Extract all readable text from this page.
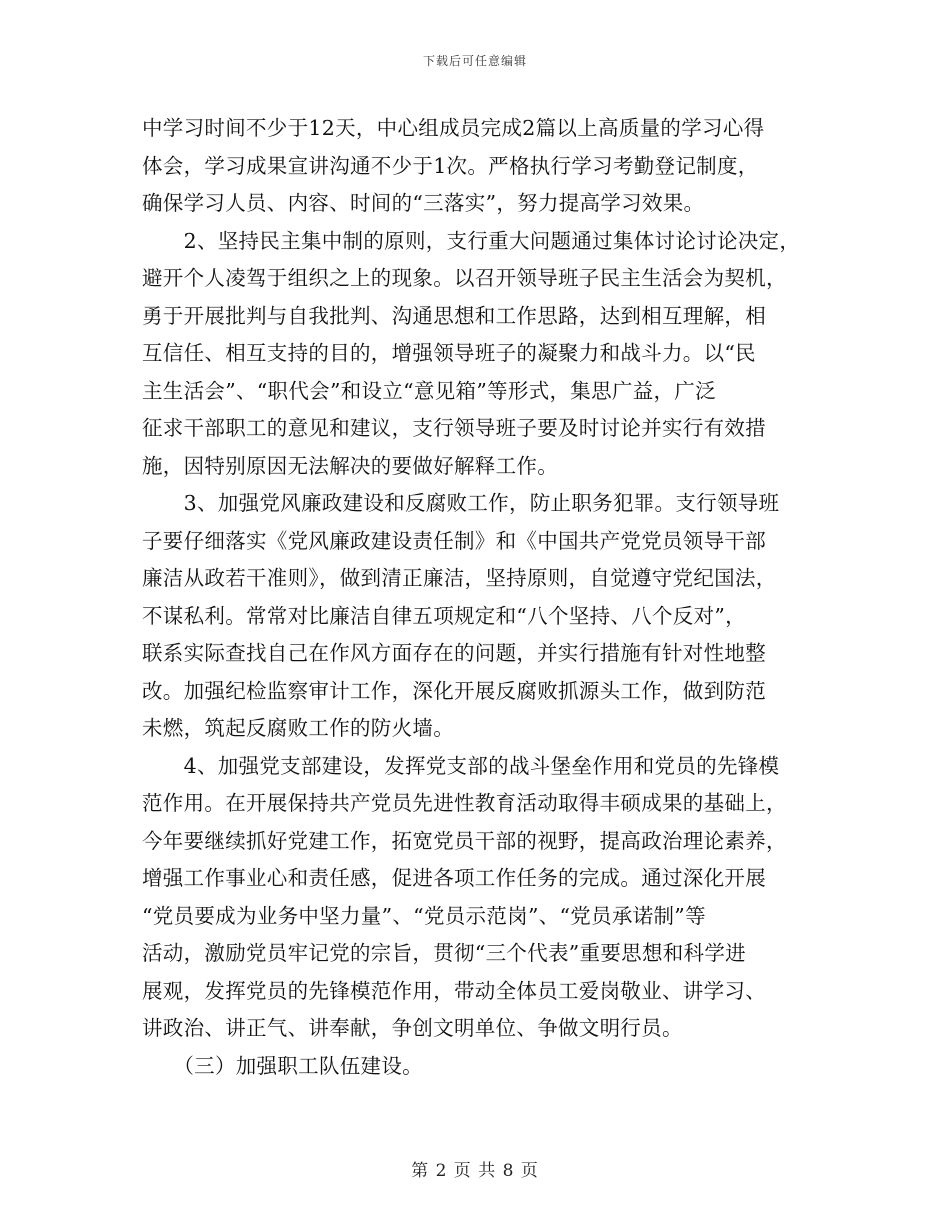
下载后可任意编辑
中学习时间不少于12天，中心组成员完成2篇以上高质量的学习心得
体会，学习成果宣讲沟通不少于1次。严格执行学习考勤登记制度，
确保学习人员、内容、时间的“三落实”，努力提高学习效果。
　　2、坚持民主集中制的原则，支行重大问题通过集体讨论讨论决定，
避开个人凌驾于组织之上的现象。以召开领导班子民主生活会为契机，
勇于开展批判与自我批判、沟通思想和工作思路，达到相互理解，相
互信任、相互支持的目的，增强领导班子的凝聚力和战斗力。以“民
主生活会”、“职代会”和设立“意见箱”等形式，集思广益，广泛
征求干部职工的意见和建议，支行领导班子要及时讨论并实行有效措
施，因特别原因无法解决的要做好解释工作。
　　3、加强党风廉政建设和反腐败工作，防止职务犯罪。支行领导班
子要仔细落实《党风廉政建设责任制》和《中国共产党党员领导干部
廉洁从政若干准则》，做到清正廉洁，坚持原则，自觉遵守党纪国法，
不谋私利。常常对比廉洁自律五项规定和“八个坚持、八个反对”，
联系实际查找自己在作风方面存在的问题，并实行措施有针对性地整
改。加强纪检监察审计工作，深化开展反腐败抓源头工作，做到防范
未燃，筑起反腐败工作的防火墙。
　　4、加强党支部建设，发挥党支部的战斗堡垒作用和党员的先锋模
范作用。在开展保持共产党员先进性教育活动取得丰硕成果的基础上，
今年要继续抓好党建工作，拓宽党员干部的视野，提高政治理论素养，
增强工作事业心和责任感，促进各项工作任务的完成。通过深化开展
“党员要成为业务中坚力量”、“党员示范岗”、“党员承诺制”等
活动，激励党员牢记党的宗旨，贯彻“三个代表”重要思想和科学进
展观，发挥党员的先锋模范作用，带动全体员工爱岗敬业、讲学习、
讲政治、讲正气、讲奉献，争创文明单位、争做文明行员。
　　（三）加强职工队伍建设。
第 2 页 共 8 页
